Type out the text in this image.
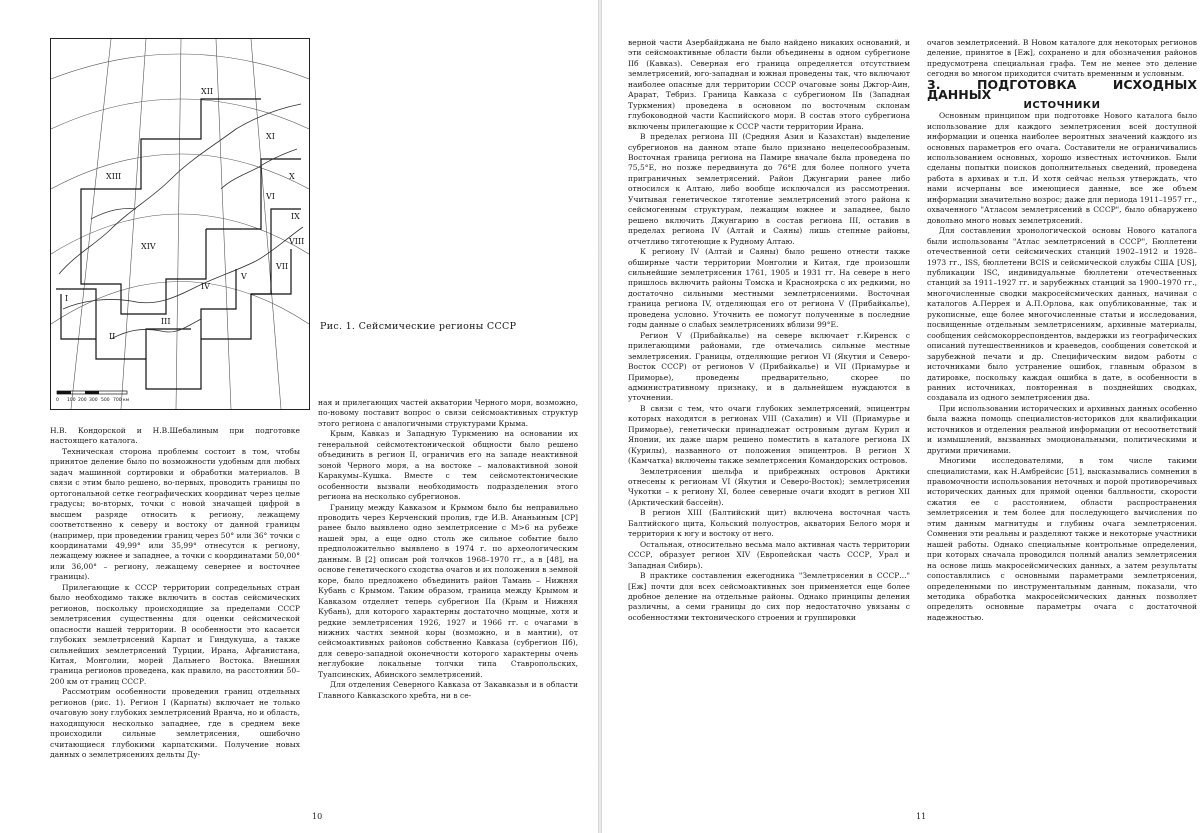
I
II
III
IV
V
VI
VII
VIII
IX
X
XI
XII
XIII
XIV
0 100 200 300 500 700 км
Рис. 1. Сейсмические регионы СССР

Н.В. Кондорской и Н.В.Шебалиным при подготовке настоящего каталога.

Техническая сторона проблемы состоит в том, чтобы принятое деление было по возможности удобным для любых задач машинной сортировки и обработки материалов. В связи с этим было решено, во-первых, проводить границы по ортогональной сетке географических координат через целые градусы; во-вторых, точки с новой значащей цифрой в высшем разряде относить к региону, лежащему соответственно к северу и востоку от данной границы (например, при проведении границ через 50° или 36° точки с координатами 49,99° или 35,99° отнесутся к региону, лежащему южнее и западнее, а точки с координатами 50,00° или 36,00° – региону, лежащему севернее и восточнее границы).

Прилегающие к СССР территории сопредельных стран было необходимо также включить в состав сейсмических регионов, поскольку происходящие за пределами СССР землетрясения существенны для оценки сейсмической опасности нашей территории. В особенности это касается глубоких землетрясений Карпат и Гиндукуша, а также сильнейших землетрясений Турции, Ирана, Афганистана, Китая, Монголии, морей Дальнего Востока. Внешняя граница регионов проведена, как правило, на расстоянии 50–200 км от границ СССР.

Рассмотрим особенности проведения границ отдельных регионов (рис. 1). Регион I (Карпаты) включает не только очаговую зону глубоких землетрясений Вранча, но и область, находящуюся несколько западнее, где в среднем веке происходили сильные землетрясения, ошибочно считающиеся глубокими карпатскими. Получение новых данных о землетрясениях дельты Ду-

ная и прилегающих частей акватории Черного моря, возможно, по-новому поставит вопрос о связи сейсмоактивных структур этого региона с аналогичными структурами Крыма.

Крым, Кавказ и Западную Туркмению на основании их генеральной сейсмотектонической общности было решено объединить в регион II, ограничив его на западе неактивной зоной Черного моря, а на востоке – маловактивной зоной Каракумы–Кушка. Вместе с тем сейсмотектонические особенности вызвали необходимость подразделения этого региона на несколько субрегионов.

Границу между Кавказом и Крымом было бы неправильно проводить через Керченский пролив, где И.В. Ананьиным [СР] ранее было выявлено одно землетрясение с M>6 на рубеже нашей эры, а еще одно столь же сильное событие было предположительно выявлено в 1974 г. по археологическим данным. В [2] описан рой толчков 1968–1970 гг., а в [48], на основе генетического сходства очагов и их положения в земной коре, было предложено объединить район Тамань – Нижняя Кубань с Крымом. Таким образом, граница между Крымом и Кавказом отделяет теперь субрегион IIа (Крым и Нижняя Кубань), для которого характерны достаточно мощные, хотя и редкие землетрясения 1926, 1927 и 1966 гг. с очагами в нижних частях земной коры (возможно, и в мантии), от сейсмоактивных районов собственно Кавказа (субрегион IIб), для северо-западной оконечности которого характерны очень неглубокие локальные толчки типа Ставропольских, Туапсинских, Абинского землетрясений.

Для отделения Северного Кавказа от Закавказья и в области Главного Кавказского хребта, ни в се-

10

верной части Азербайджана не было найдено никаких оснований, и эти сейсмоактивные области были объединены в одном субрегионе IIб (Кавказ). Северная его граница определяется отсутствием землетрясений, юго-западная и южная проведены так, что включают наиболее опасные для территории СССР очаговые зоны Джгор-Аин, Арарат, Тебриз. Граница Кавказа с субрегионом IIв (Западная Туркмения) проведена в основном по восточным склонам глубоководной части Каспийского моря. В состав этого субрегиона включены прилегающие к СССР части территории Ирана.

В пределах региона III (Средняя Азия и Казахстан) выделение субрегионов на данном этапе было признано нецелесообразным. Восточная граница региона на Памире вначале была проведена по 75,5°E, но позже передвинута до 76°E для более полного учета приграничных землетрясений. Район Джунгарии ранее либо относился к Алтаю, либо вообще исключался из рассмотрения. Учитывая генетическое тяготение землетрясений этого района к сейсмогенным структурам, лежащим южнее и западнее, было решено включить Джунгарию в состав региона III, оставив в пределах региона IV (Алтай и Саяны) лишь степные районы, отчетливо тяготеющие к Рудному Алтаю.

К региону IV (Алтай и Саяны) было решено отнести также обширные части территории Монголии и Китая, где произошли сильнейшие землетрясения 1761, 1905 и 1931 гг. На севере в него пришлось включить районы Томска и Красноярска с их редкими, но достаточно сильными местными землетрясениями. Восточная граница региона IV, отделяющая его от региона V (Прибайкалье), проведена условно. Уточнить ее помогут полученные в последние годы данные о слабых землетрясениях вблизи 99°E.

Регион V (Прибайкалье) на севере включает г.Киренск с прилегающими районами, где отмечались сильные местные землетрясения. Границы, отделяющие регион VI (Якутия и Северо-Восток СССР) от регионов V (Прибайкалье) и VII (Приамурье и Приморье), проведены предварительно, скорее по административному признаку, и в дальнейшем нуждаются в уточнении.

В связи с тем, что очаги глубоких землетрясений, эпицентры которых находятся в регионах VIII (Сахалин) и VII (Приамурье и Приморье), генетически принадлежат островным дугам Курил и Японии, их даже шарм решено поместить в каталоге региона IX (Курилы), названного от положения эпицентров. В регион X (Камчатка) включены также землетрясения Командорских островов.

Землетрясения шельфа и прибрежных островов Арктики отнесены к регионам VI (Якутия и Северо-Восток); землетрясения Чукотки – к региону XI, более северные очаги входят в регион XII (Арктический бассейн).

В регион XIII (Балтийский щит) включена восточная часть Балтийского щита, Кольский полуостров, акватория Белого моря и территория к югу и востоку от него.

Остальная, относительно весьма мало активная часть территории СССР, образует регион XIV (Европейская часть СССР, Урал и Западная Сибирь).

В практике составления ежегодника "Землетрясения в СССР..." [Еж] почти для всех сейсмоактивных зон применяется еще более дробное деление на отдельные районы. Однако принципы деления различны, а семи границы до сих пор недостаточно увязаны с особенностями тектонического строения и группировки

очагов землетрясений. В Новом каталоге для некоторых регионов деление, принятое в [Еж], сохранено и для обозначения районов предусмотрена специальная графа. Тем не менее это деление сегодня во многом приходится считать временным и условным.

3. ПОДГОТОВКА ИСХОДНЫХ ДАННЫХ

ИСТОЧНИКИ

Основным принципом при подготовке Нового каталога было использование для каждого землетрясения всей доступной информации и оценка наиболее вероятных значений каждого из основных параметров его очага. Составители не ограничивались использованием основных, хорошо известных источников. Были сделаны попытки поисков дополнительных сведений, проведена работа в архивах и т.п. И хотя сейчас нельзя утверждать, что нами исчерпаны все имеющиеся данные, все же объем информации значительно возрос; даже для периода 1911–1957 гг., охваченного "Атласом землетрясений в СССР", было обнаружено довольно много новых землетрясений.

Для составления хронологической основы Нового каталога были использованы "Атлас землетрясений в СССР", Бюллетени отечественной сети сейсмических станций 1902–1912 и 1928–1973 гг., ISS, бюллетени BCIS и сейсмической службы США [US], публикации ISC, индивидуальные бюллетени отечественных станций за 1911–1927 гг. и зарубежных станций за 1900–1970 гг., многочисленные сводки макросейсмических данных, начиная с каталогов А.Перрея и А.П.Орлова, как опубликованные, так и рукописные, еще более многочисленные статьи и исследования, посвященные отдельным землетрясениям, архивные материалы, сообщения сейсмокорреспондентов, выдержки из географических описаний путешественников и краеведов, сообщения советской и зарубежной печати и др. Специфическим видом работы с источниками было устранение ошибок, главным образом в датировке, поскольку каждая ошибка в дате, в особенности в ранних источниках, повторенная в позднейших сводках, создавала из одного землетрясения два.

При использовании исторических и архивных данных особенно была важна помощь специалистов-историков для квалификации источников и отделения реальной информации от несоответствий и измышлений, вызванных эмоциональными, политическими и другими причинами.

Многими исследователями, в том числе такими специалистами, как Н.Амбрейсис [51], высказывались сомнения в правомочности использования неточных и порой противоречивых исторических данных для прямой оценки балльности, скорости сжатия ее с расстоянием, области распространения землетрясения и тем более для последующего вычисления по этим данным магнитуды и глубины очага землетрясения. Сомнения эти реальны и разделяют также и некоторые участники нашей работы. Однако специальные контрольные определения, при которых сначала проводился полный анализ землетрясения на основе лишь макросейсмических данных, а затем результаты сопоставлялись с основными параметрами землетрясения, определенными по инструментальным данным, показали, что методика обработка макросейсмических данных позволяет определять основные параметры очага с достаточной надежностью.

11
